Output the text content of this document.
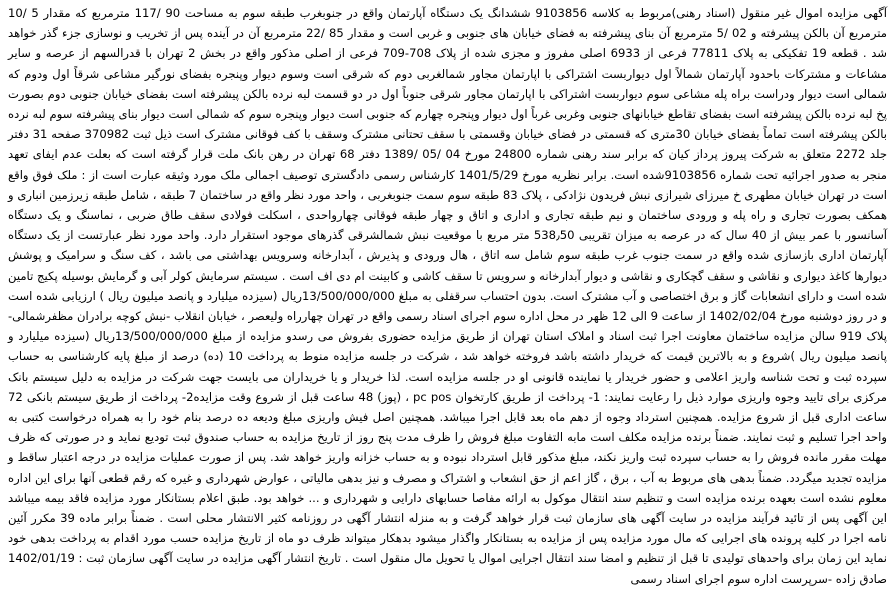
آگهی مزایده اموال غیر منقول (اسناد رهنی)مربوط به کلاسه 9103856 ششدانگ یک دستگاه آپارتمان واقع در جنوبغرب طبقه سوم به مساحت 90 /117 مترمربع که مقدار 5 /10 مترمربع آن بالکن پیشرفته و 02 /5 مترمربع آن بنای پیشرفته به فضای خیابان های جنوبی و غربی است و مقدار 85 /22 مترمربع آن در آینده پس از تخریب و نوسازی جزء گذر خواهد شد . قطعه 19 تفکیکی به پلاک 77811 فرعی از 6933 اصلی مفروز و مجزی شده از پلاک 708-709 فرعی از اصلی مذکور واقع در بخش 2 تهران با قدرالسهم از عرصه و سایر مشاعات و مشترکات باحدود آپارتمان شمالاً اول دیواربست اشتراکی با اپارتمان مجاور شمالغربی دوم که شرقی است وسوم دیوار وپنجره بفضای نورگیر مشاعی شرقاً اول ودوم که شمالی است دیوار ودراست براه پله مشاعی سوم دیواربست اشتراکی با اپارتمان مجاور شرقی جنوباً اول در دو قسمت لبه نرده بالکن پیشرفته است بفضای خیابان جنوبی دوم بصورت پخ لبه نرده بالکن پیشرفته است بفضای تقاطع خیابانهای جنوبی وغربی غرباً اول دیوار وپنجره چهارم که جنوبی است دیوار وپنجره سوم که شمالی است دیوار بنای پیشرفته سوم لبه نرده بالکن پیشرفته است تماماً بفضای خیابان 30متری که قسمتی در فضای خیابان وقسمتی با سقف تحتانی مشترک وسقف با کف فوقانی مشترک است ذیل ثبت 370982 صفحه 31 دفتر جلد 2272 متعلق به شرکت پیروز پرداز کیان که برابر سند رهنی شماره 24800 مورخ 04 /05 /1389 دفتر 68 تهران در رهن بانک ملت قرار گرفته است که بعلت عدم ایفای تعهد منجر به صدور اجرائیه تحت شماره 9103856شده است. برابر نظریه مورخ 1401/5/29 کارشناس رسمی دادگستری توصیف اجمالی ملک مورد وثیقه عبارت است از : ملک فوق واقع است در تهران خیابان مطهری خ میرزای شیرازی نبش فریدون نژادکی ، پلاک 83 طبقه سوم سمت جنوبغربی ، واحد مورد نظر واقع در ساختمان 7 طبقه ، شامل طبقه زیرزمین انباری و همکف بصورت تجاری و راه پله و ورودی ساختمان و نیم طبقه تجاری و اداری و اتاق و چهار طبقه فوقانی چهارواحدی ، اسکلت فولادی سقف طاق ضربی ، نماسنگ و یک دستگاه آسانسور با عمر بیش از 40 سال که در عرصه به میزان تقریبی 538٫50 متر مربع با موقعیت نبش شمالشرقی گذرهای موجود استقرار دارد. واحد مورد نظر عبارتست از یک دستگاه آپارتمان اداری بازسازی شده واقع در سمت جنوب غرب طبقه سوم شامل سه اتاق ، هال ورودی و پذیرش ، آبدارخانه وسرویس بهداشتی می باشد ، کف سنگ و سرامیک و پوشش دیوارها کاغذ دیواری و نقاشی و سقف گچکاری و نقاشی و دیوار آبدارخانه و سرویس تا سقف کاشی و کابینت ام دی اف است . سیستم سرمایش کولر آبی و گرمایش بوسیله پکیج تامین شده است و دارای انشعابات گاز و برق اختصاصی و آب مشترک است. بدون احتساب سرقفلی به مبلغ 13/500/000/000ریال (سیزده میلیارد و پانصد میلیون ریال ) ارزیابی شده است و در روز دوشنبه مورخ 1402/02/04 از ساعت 9 الی 12 ظهر در محل اداره سوم اجرای اسناد رسمی واقع در تهران چهارراه ولیعصر ، خیابان انقلاب -نبش کوچه برادران مظفرشمالی- پلاک 919 سالن مزایده ساختمان معاونت اجرا ثبت اسناد و املاک استان تهران از طریق مزایده حضوری بفروش می رسدو مزایده از مبلغ 13/500/000/000ریال (سیزده میلیارد و پانصد میلیون ریال )شروع و به بالاترین قیمت که خریدار داشته باشد فروخته خواهد شد ، شرکت در جلسه مزایده منوط به پرداخت 10 (ده) درصد از مبلغ پایه کارشناسی به حساب سپرده ثبت و تحت شناسه واریز اعلامی و حضور خریدار یا نماینده قانونی او در جلسه مزایده است. لذا خریدار و یا خریداران می بایست جهت شرکت در مزایده به دلیل سیستم بانک مرکزی برای تایید وجوه واریزی موارد ذیل را رعایت نمایند: 1- پرداخت از طریق کارتخوان pc pos ، (پوز) 48 ساعت قبل از شروع وقت مزایده2- پرداخت از طریق سیستم بانکی 72 ساعت اداری قبل از شروع مزایده. همچنین استرداد وجوه از دهم ماه بعد قابل اجرا میباشد. همچنین اصل فیش واریزی مبلغ ودیعه ده درصد بنام خود را به همراه درخواست کتبی به واحد اجرا تسلیم و ثبت نمایند. ضمناً برنده مزایده مکلف است مابه التفاوت مبلغ فروش را ظرف مدت پنج روز از تاریخ مزایده به حساب صندوق ثبت تودیع نماید و در صورتی که ظرف مهلت مقرر مانده فروش را به حساب سپرده ثبت واریز نکند، مبلغ مذکور قابل استرداد نبوده و به حساب خزانه واریز خواهد شد. پس از صورت عملیات مزایده در درجه اعتبار ساقط و مزایده تجدید میگردد. ضمناً بدهی های مربوط به آب ، برق ، گاز اعم از حق انشعاب و اشتراک و مصرف و نیز بدهی مالیاتی ، عوارض شهرداری و غیره که رقم قطعی آنها برای این اداره معلوم نشده است بعهده برنده مزایده است و تنظیم سند انتقال موکول به ارائه مفاصا حسابهای دارایی و شهرداری و ... خواهد بود. طبق اعلام بستانکار مورد مزایده فاقد بیمه میباشد این آگهی پس از تائید فرآیند مزایده در سایت آگهی های سازمان ثبت قرار خواهد گرفت و به منزله انتشار آگهی در روزنامه کثیر الانتشار محلی است . ضمناً برابر ماده 39 مکرر آئین نامه اجرا در کلیه پرونده های اجرایی که مال مورد مزایده پس از مزایده به بستانکار واگذار میشود بدهکار میتواند ظرف دو ماه از تاریخ مزایده حسب مورد اقدام به پرداخت بدهی خود نماید این زمان برای واحدهای تولیدی تا قبل از تنظیم و امضا سند انتقال اجرایی اموال یا تحویل مال منقول است . تاریخ انتشار آگهی مزایده در سایت آگهی سازمان ثبت : 1402/01/19 صادق زاده -سرپرست اداره سوم اجرای اسناد رسمی
